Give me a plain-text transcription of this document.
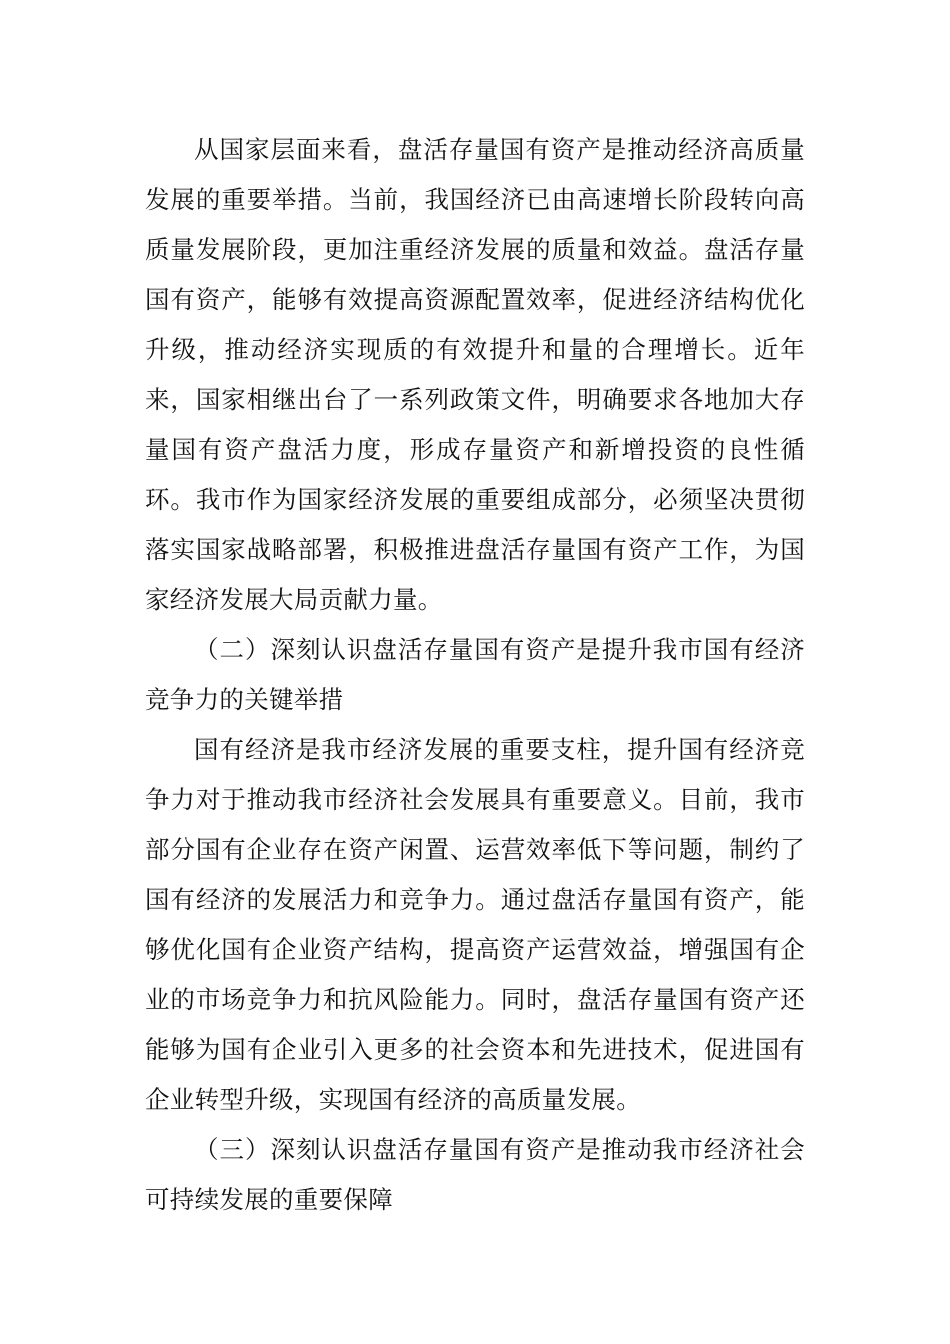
从国家层面来看，盘活存量国有资产是推动经济高质量发展的重要举措。当前，我国经济已由高速增长阶段转向高质量发展阶段，更加注重经济发展的质量和效益。盘活存量国有资产，能够有效提高资源配置效率，促进经济结构优化升级，推动经济实现质的有效提升和量的合理增长。近年来，国家相继出台了一系列政策文件，明确要求各地加大存量国有资产盘活力度，形成存量资产和新增投资的良性循环。我市作为国家经济发展的重要组成部分，必须坚决贯彻落实国家战略部署，积极推进盘活存量国有资产工作，为国家经济发展大局贡献力量。

（二）深刻认识盘活存量国有资产是提升我市国有经济竞争力的关键举措

国有经济是我市经济发展的重要支柱，提升国有经济竞争力对于推动我市经济社会发展具有重要意义。目前，我市部分国有企业存在资产闲置、运营效率低下等问题，制约了国有经济的发展活力和竞争力。通过盘活存量国有资产，能够优化国有企业资产结构，提高资产运营效益，增强国有企业的市场竞争力和抗风险能力。同时，盘活存量国有资产还能够为国有企业引入更多的社会资本和先进技术，促进国有企业转型升级，实现国有经济的高质量发展。

（三）深刻认识盘活存量国有资产是推动我市经济社会可持续发展的重要保障
